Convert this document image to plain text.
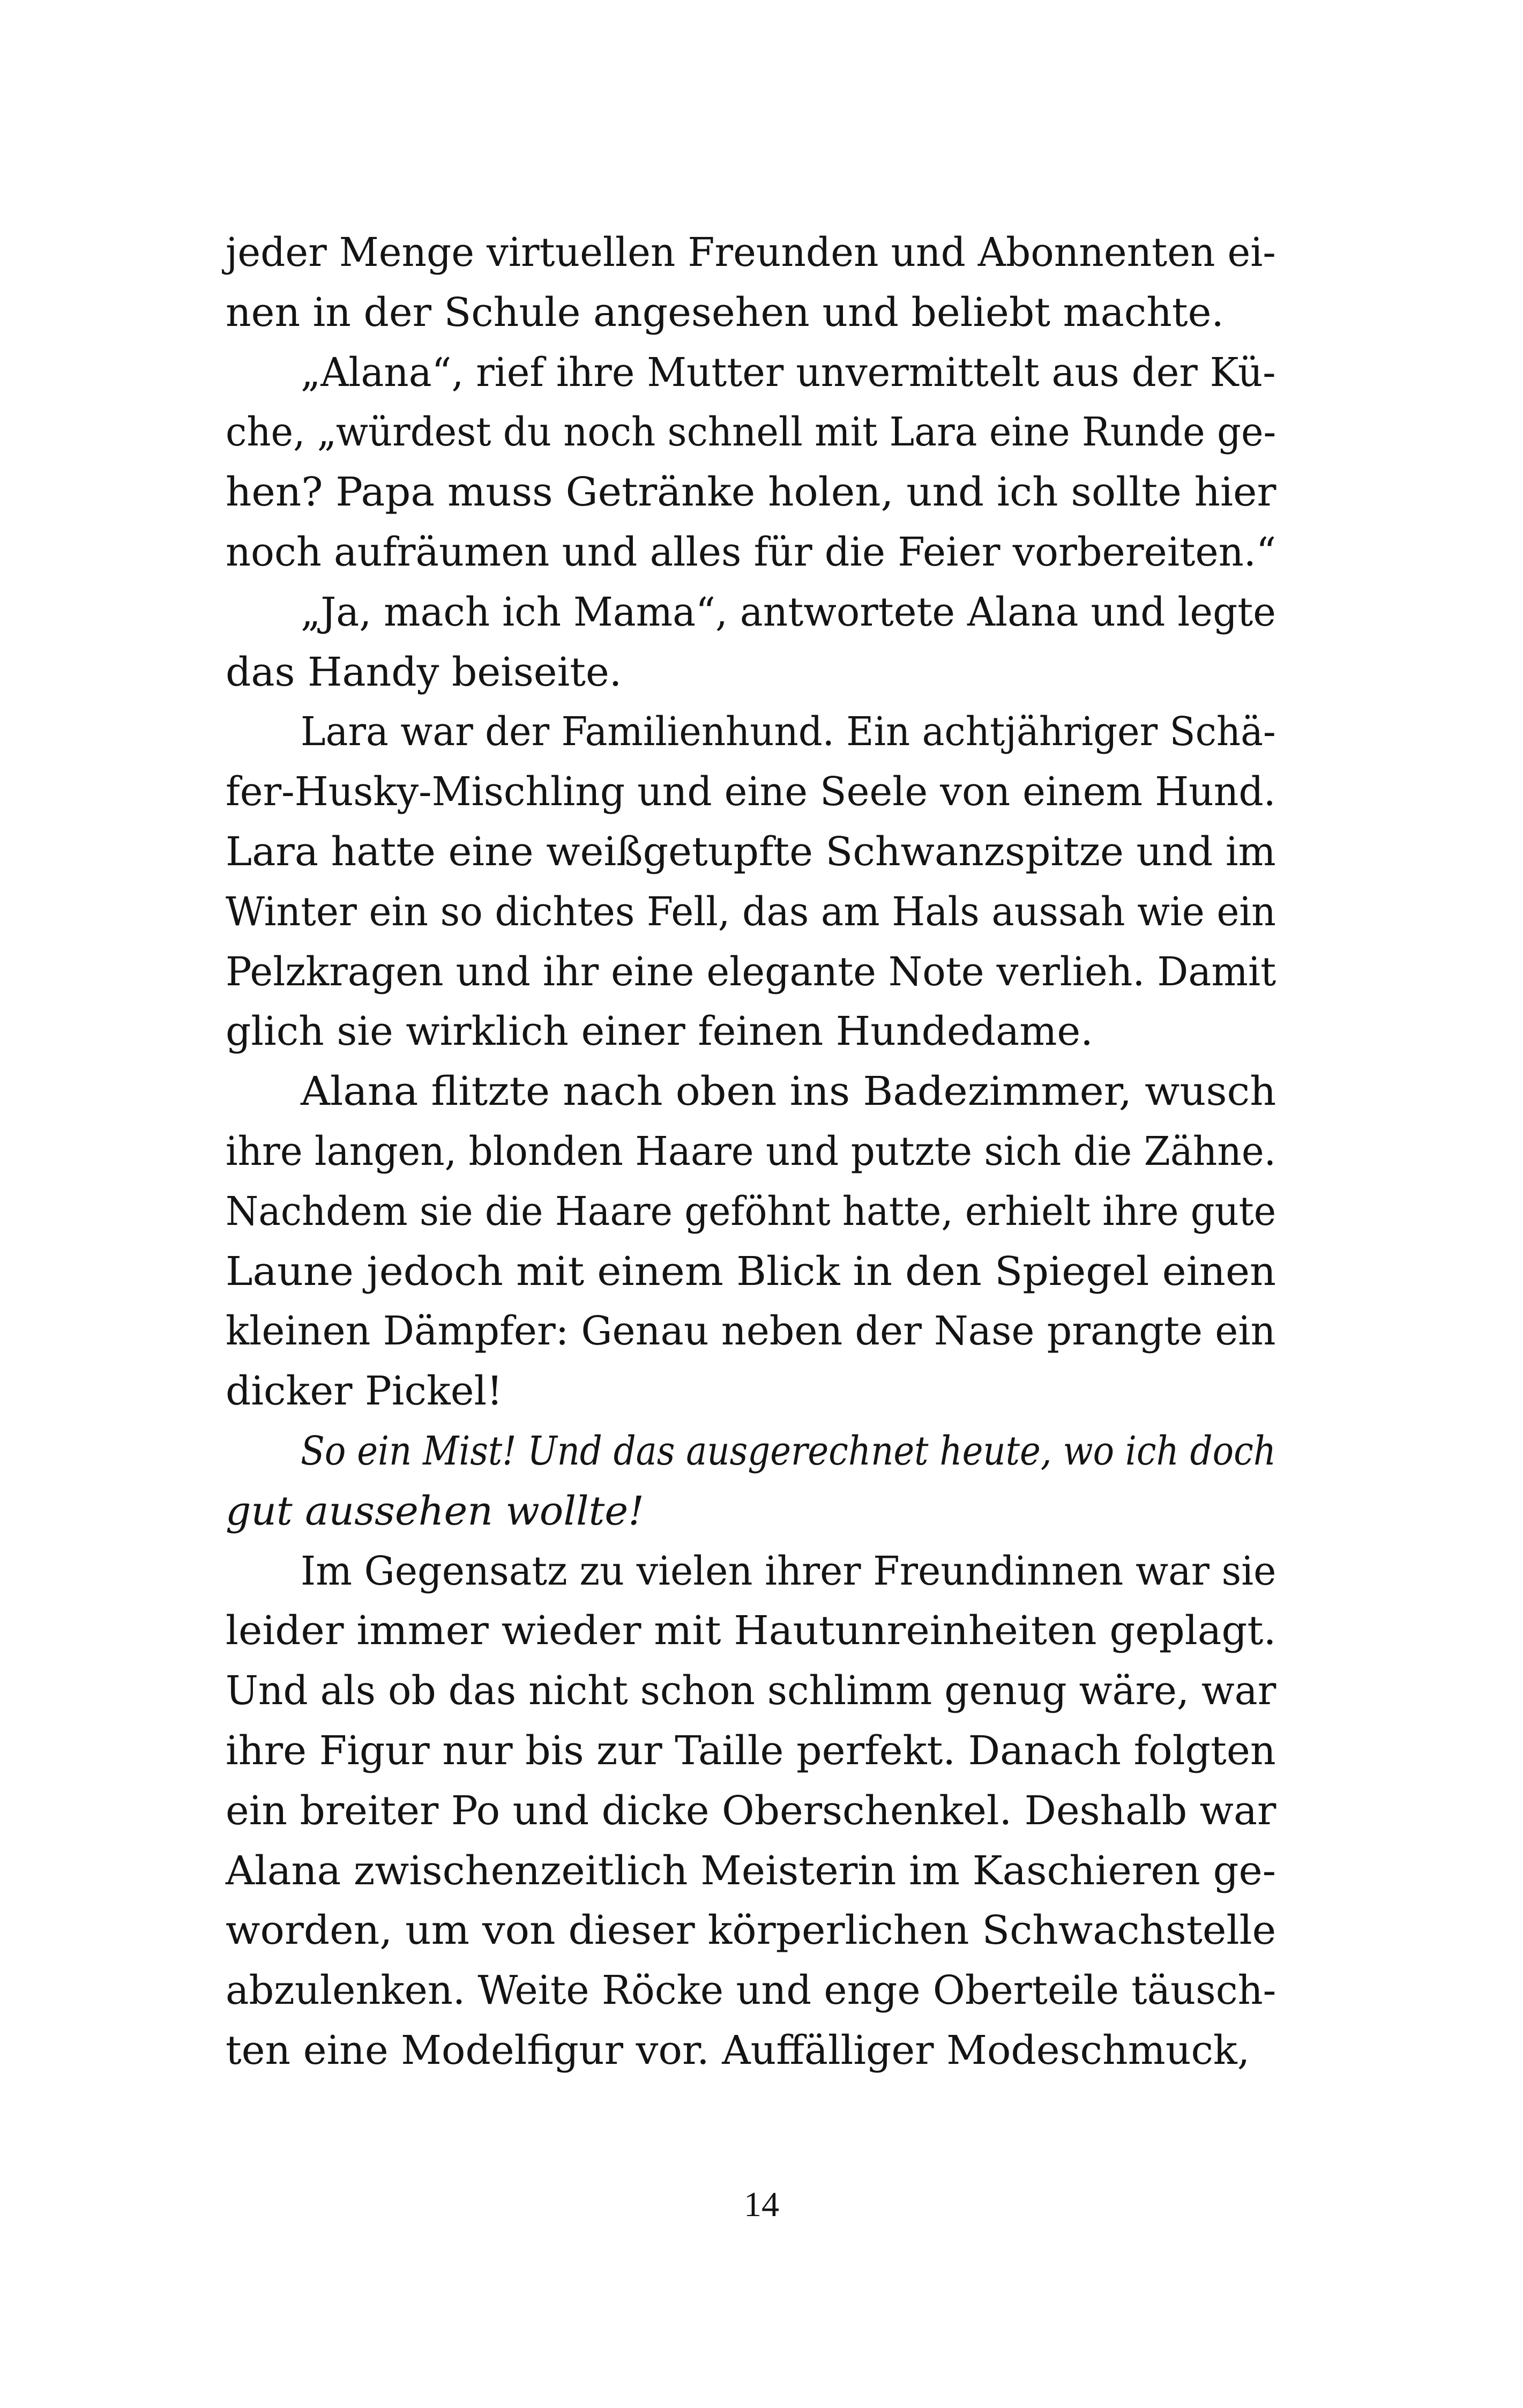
jeder Menge virtuellen Freunden und Abonnenten ei-
nen in der Schule angesehen und beliebt machte.
„Alana“, rief ihre Mutter unvermittelt aus der Kü-
che, „würdest du noch schnell mit Lara eine Runde ge-
hen? Papa muss Getränke holen, und ich sollte hier
noch aufräumen und alles für die Feier vorbereiten.“
„Ja, mach ich Mama“, antwortete Alana und legte
das Handy beiseite.
Lara war der Familienhund. Ein achtjähriger Schä-
fer-Husky-Mischling und eine Seele von einem Hund.
Lara hatte eine weißgetupfte Schwanzspitze und im
Winter ein so dichtes Fell, das am Hals aussah wie ein
Pelzkragen und ihr eine elegante Note verlieh. Damit
glich sie wirklich einer feinen Hundedame.
Alana flitzte nach oben ins Badezimmer, wusch
ihre langen, blonden Haare und putzte sich die Zähne.
Nachdem sie die Haare geföhnt hatte, erhielt ihre gute
Laune jedoch mit einem Blick in den Spiegel einen
kleinen Dämpfer: Genau neben der Nase prangte ein
dicker Pickel!
So ein Mist! Und das ausgerechnet heute, wo ich doch
gut aussehen wollte!
Im Gegensatz zu vielen ihrer Freundinnen war sie
leider immer wieder mit Hautunreinheiten geplagt.
Und als ob das nicht schon schlimm genug wäre, war
ihre Figur nur bis zur Taille perfekt. Danach folgten
ein breiter Po und dicke Oberschenkel. Deshalb war
Alana zwischenzeitlich Meisterin im Kaschieren ge-
worden, um von dieser körperlichen Schwachstelle
abzulenken. Weite Röcke und enge Oberteile täusch-
ten eine Modelfigur vor. Auffälliger Modeschmuck,
14
